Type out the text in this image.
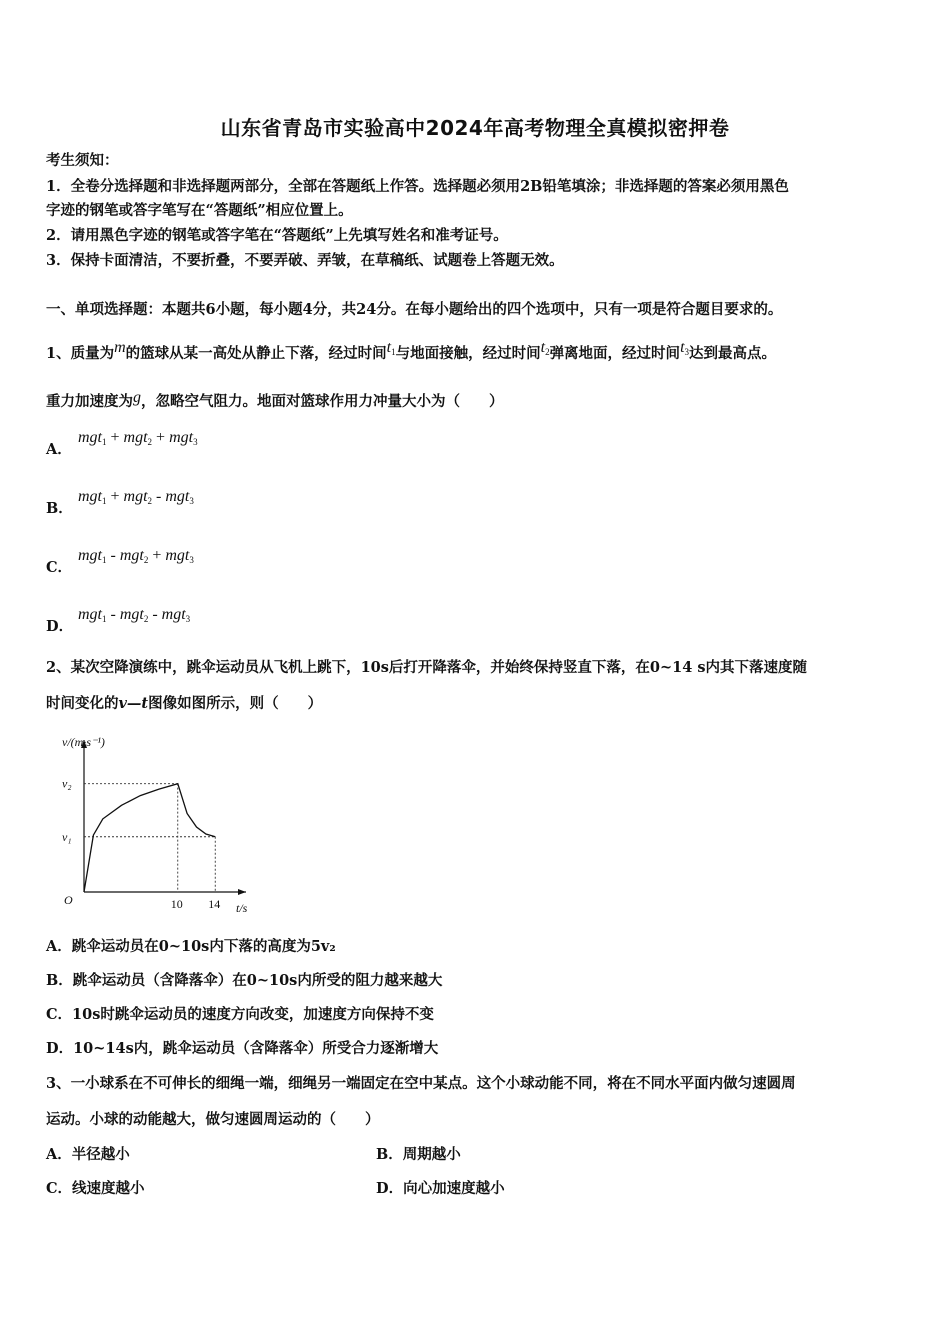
山东省青岛市实验高中2024年高考物理全真模拟密押卷
考生须知：
1．全卷分选择题和非选择题两部分，全部在答题纸上作答。选择题必须用2B铅笔填涂；非选择题的答案必须用黑色
字迹的钢笔或答字笔写在“答题纸”相应位置上。
2．请用黑色字迹的钢笔或答字笔在“答题纸”上先填写姓名和准考证号。
3．保持卡面清洁，不要折叠，不要弄破、弄皱，在草稿纸、试题卷上答题无效。
一、单项选择题：本题共6小题，每小题4分，共24分。在每小题给出的四个选项中，只有一项是符合题目要求的。
1、质量为m的篮球从某一高处从静止下落，经过时间$t_1$与地面接触，经过时间$t_2$弹离地面，经过时间$t_3$达到最高点。
重力加速度为g，忽略空气阻力。地面对篮球作用力冲量大小为（　　）
A．mgt$_1$ + mgt$_2$ + mgt$_3$
B．mgt$_1$ + mgt$_2$ - mgt$_3$
C．mgt$_1$ - mgt$_2$ + mgt$_3$
D．mgt$_1$ - mgt$_2$ - mgt$_3$
2、某次空降演练中，跳伞运动员从飞机上跳下，10s后打开降落伞，并始终保持竖直下落，在0~14 s内其下落速度随
时间变化的v—t图像如图所示，则（　　）
v/(m·s⁻¹)
t/s
O	10 14
v₁
v₂
A．跳伞运动员在0~10s内下落的高度为5v₂
B．跳伞运动员（含降落伞）在0~10s内所受的阻力越来越大
C．10s时跳伞运动员的速度方向改变，加速度方向保持不变
D．10~14s内，跳伞运动员（含降落伞）所受合力逐渐增大
3、一小球系在不可伸长的细绳一端，细绳另一端固定在空中某点。这个小球动能不同，将在不同水平面内做匀速圆周
运动。小球的动能越大，做匀速圆周运动的（　　）
A．半径越小	B．周期越小
C．线速度越小	D．向心加速度越小
